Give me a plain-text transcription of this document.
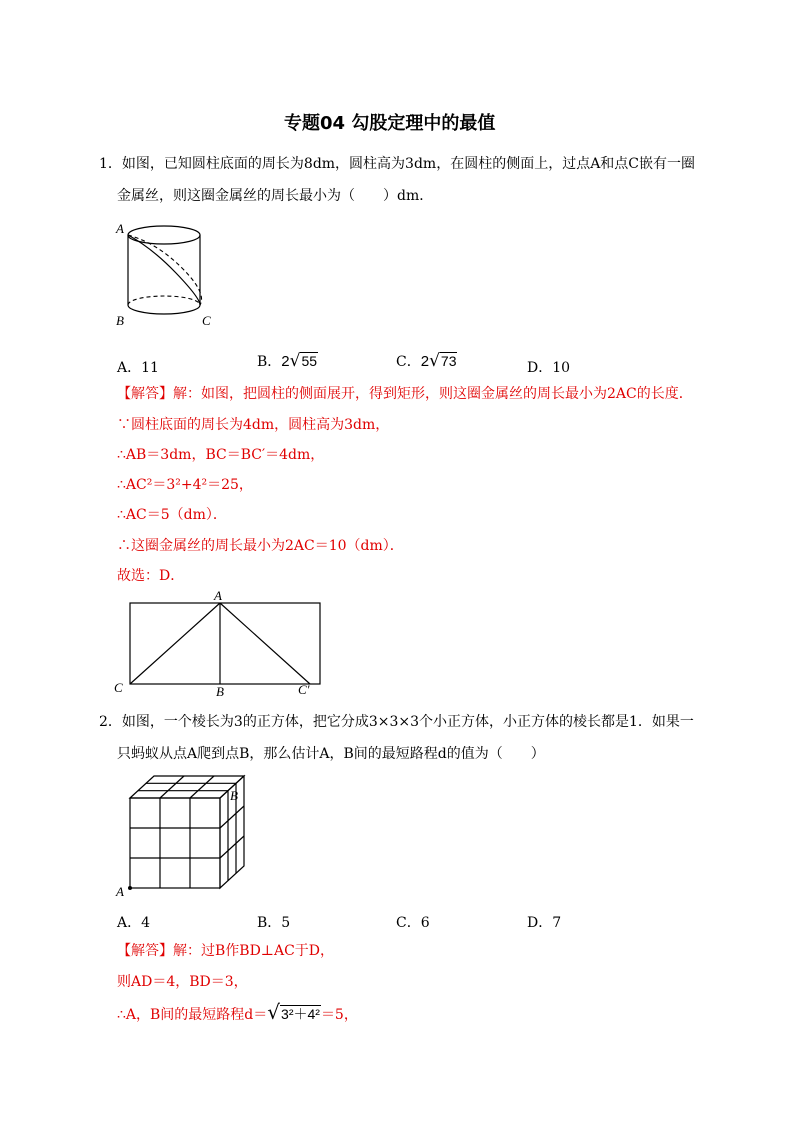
专题04 勾股定理中的最值
1．如图，已知圆柱底面的周长为8dm，圆柱高为3dm，在圆柱的侧面上，过点A和点C嵌有一圈
金属丝，则这圈金属丝的周长最小为（　　）dm．
A
B	C
A．11	B．2√55	C．2√73	D．10
【解答】解：如图，把圆柱的侧面展开，得到矩形，则这圈金属丝的周长最小为2AC的长度．
∵圆柱底面的周长为4dm，圆柱高为3dm，
∴AB＝3dm，BC＝BC′＝4dm，
∴AC²＝3²+4²＝25，
∴AC＝5（dm）．
∴这圈金属丝的周长最小为2AC＝10（dm）．
故选：D．
A
C	B	C′
2．如图，一个棱长为3的正方体，把它分成3×3×3个小正方体，小正方体的棱长都是1．如果一
只蚂蚁从点A爬到点B，那么估计A，B间的最短路程d的值为（　　）
A
B
A．4	B．5	C．6	D．7
【解答】解：过B作BD⊥AC于D，
则AD＝4，BD＝3，
∴A，B间的最短路程d＝√3²＋4²＝5，
